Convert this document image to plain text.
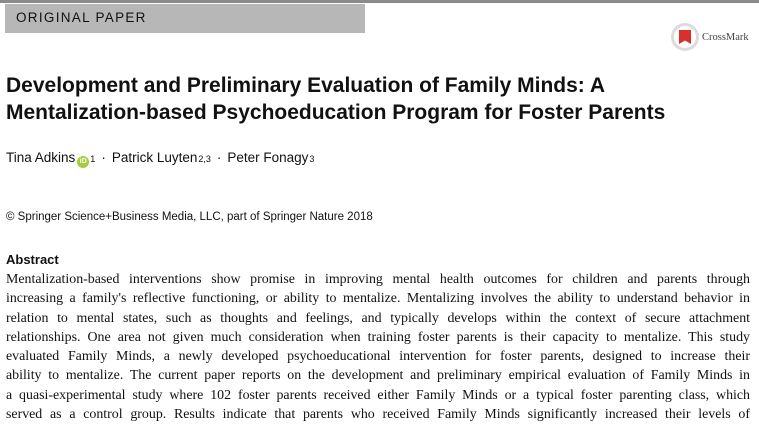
ORIGINAL PAPER
CrossMark
Development and Preliminary Evaluation of Family Minds: A
Mentalization-based Psychoeducation Program for Foster Parents
Tina Adkins iD $^1$ · Patrick Luyten 2,3 · Peter Fonagy 3
© Springer Science+Business Media, LLC, part of Springer Nature 2018
Abstract
Mentalization-based interventions show promise in improving mental health outcomes for children and parents through
increasing a family's reflective functioning, or ability to mentalize. Mentalizing involves the ability to understand behavior in
relation to mental states, such as thoughts and feelings, and typically develops within the context of secure attachment
relationships. One area not given much consideration when training foster parents is their capacity to mentalize. This study
evaluated Family Minds, a newly developed psychoeducational intervention for foster parents, designed to increase their
ability to mentalize. The current paper reports on the development and preliminary empirical evaluation of Family Minds in
a quasi-experimental study where 102 foster parents received either Family Minds or a typical foster parenting class, which
served as a control group. Results indicate that parents who received Family Minds significantly increased their levels of
